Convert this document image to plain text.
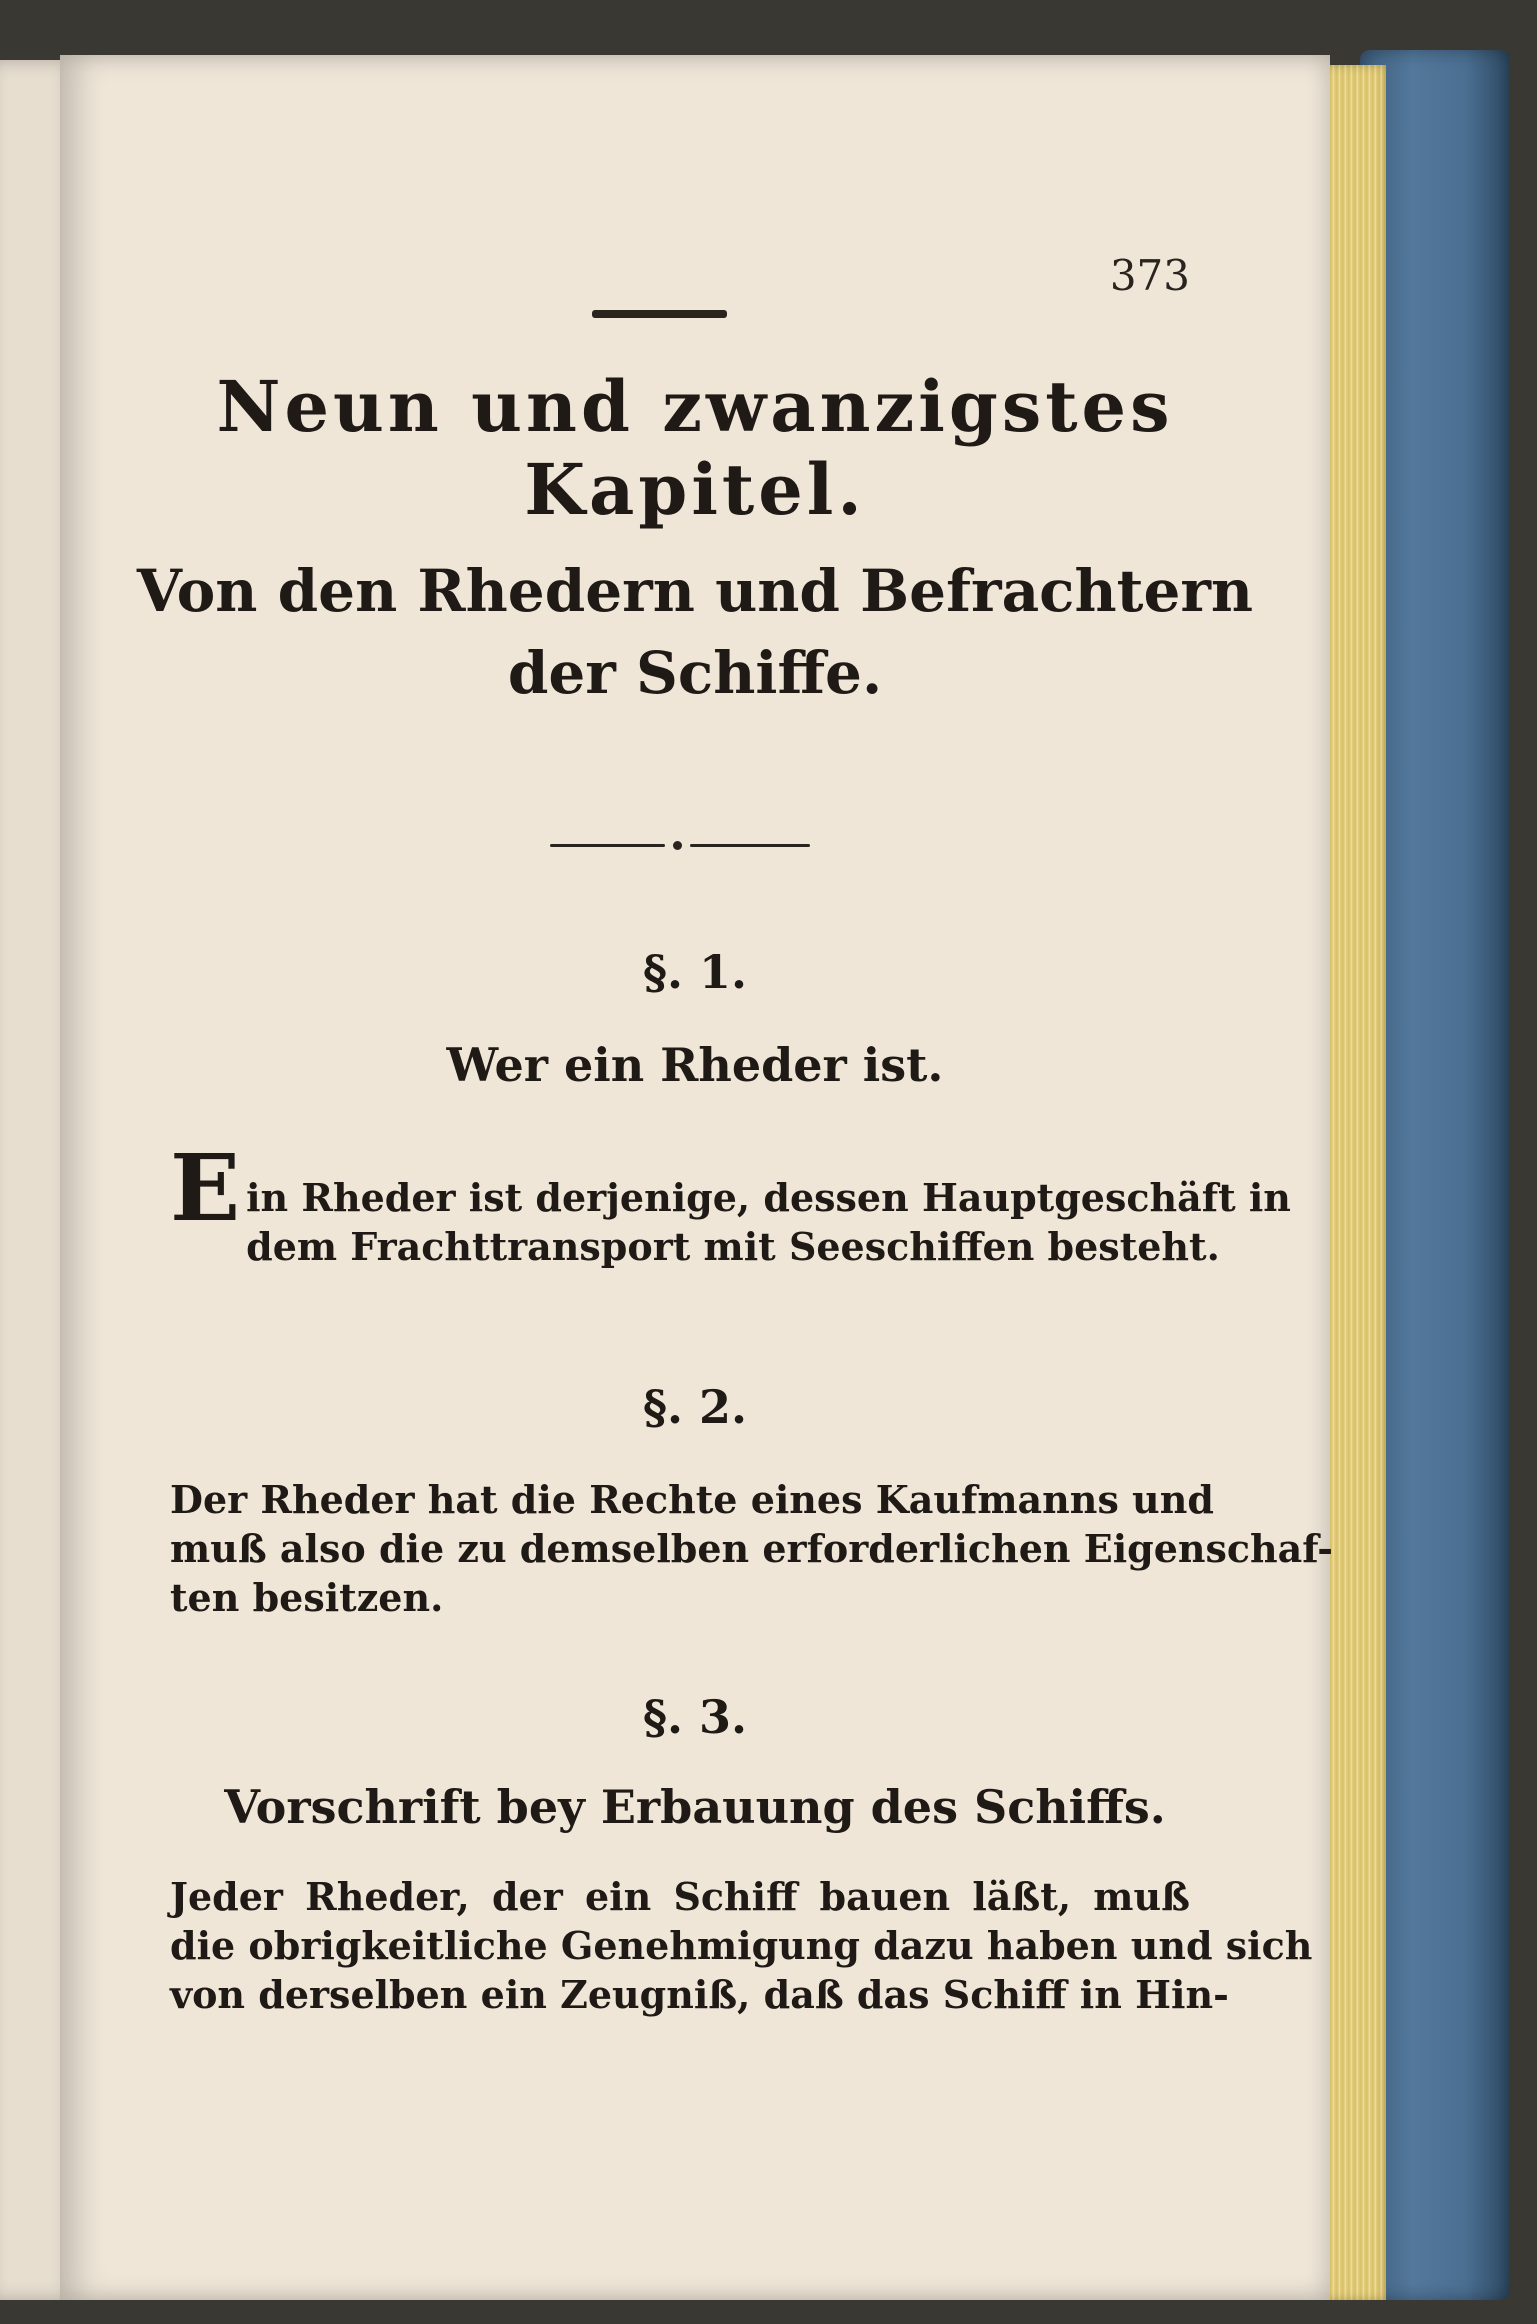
373
Neun und zwanzigstes Kapitel.
Von den Rhedern und Befrachtern
der Schiffe.
§. 1.
Wer ein Rheder ist.
E in Rheder ist derjenige, dessen Hauptgeschäft in
dem Frachttransport mit Seeschiffen besteht.
§. 2.
Der Rheder hat die Rechte eines Kaufmanns und
muß also die zu demselben erforderlichen Eigenschaf-
ten besitzen.
§. 3.
Vorschrift bey Erbauung des Schiffs.
Jeder Rheder, der ein Schiff bauen läßt, muß
die obrigkeitliche Genehmigung dazu haben und sich
von derselben ein Zeugniß, daß das Schiff in Hin-
